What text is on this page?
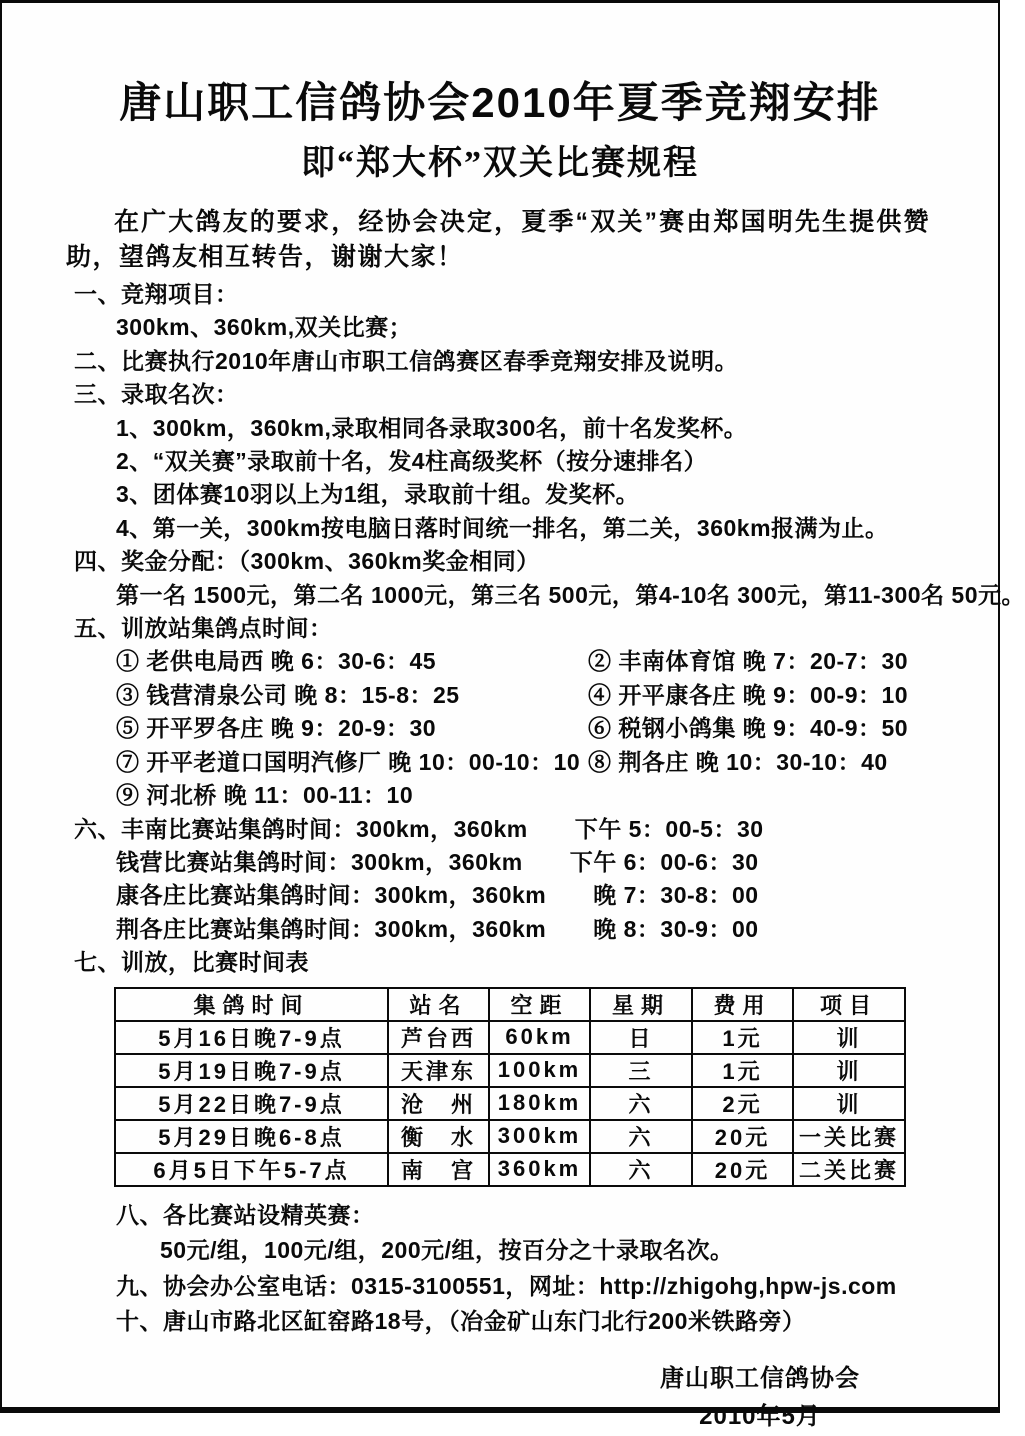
唐山职工信鸽协会2010年夏季竞翔安排
即“郑大杯”双关比赛规程

在广大鸽友的要求，经协会决定，夏季“双关”赛由郑国明先生提供赞助，望鸽友相互转告，谢谢大家！

一、竞翔项目：
300km、360km,双关比赛；
二、比赛执行2010年唐山市职工信鸽赛区春季竞翔安排及说明。
三、录取名次：
1、300km，360km,录取相同各录取300名，前十名发奖杯。
2、“双关赛”录取前十名，发4柱高级奖杯（按分速排名）
3、团体赛10羽以上为1组，录取前十组。发奖杯。
4、第一关，300km按电脑日落时间统一排名，第二关，360km报满为止。
四、奖金分配：（300km、360km奖金相同）
第一名 1500元，第二名 1000元，第三名 500元，第4-10名 300元，第11-300名 50元。
五、训放站集鸽点时间：
① 老供电局西 晚 6：30-6：45	② 丰南体育馆 晚 7：20-7：30
③ 钱营清泉公司 晚 8：15-8：25	④ 开平康各庄 晚 9：00-9：10
⑤ 开平罗各庄 晚 9：20-9：30	⑥ 税钢小鸽集 晚 9：40-9：50
⑦ 开平老道口国明汽修厂 晚 10：00-10：10 ⑧ 荆各庄 晚 10：30-10：40
⑨ 河北桥 晚 11：00-11：10
六、丰南比赛站集鸽时间：300km，360km　　下午 5：00-5：30
钱营比赛站集鸽时间：300km，360km　　下午 6：00-6：30
康各庄比赛站集鸽时间：300km，360km　　晚 7：30-8：00
荆各庄比赛站集鸽时间：300km，360km　　晚 8：30-9：00
七、训放，比赛时间表
集鸽时间	站名	空距	星期	费用	项目
5月16日晚7-9点	芦台西	60km	日	1元	训
5月19日晚7-9点	天津东	100km	三	1元	训
5月22日晚7-9点	沧　州	180km	六	2元	训
5月29日晚6-8点	衡　水	300km	六	20元	一关比赛
6月5日下午5-7点	南　宫	360km	六	20元	二关比赛
八、各比赛站设精英赛：
50元/组，100元/组，200元/组，按百分之十录取名次。
九、协会办公室电话：0315-3100551，网址：http://zhigohg,hpw-js.com
十、唐山市路北区缸窑路18号，（冶金矿山东门北行200米铁路旁）
唐山职工信鸽协会
2010年5月
